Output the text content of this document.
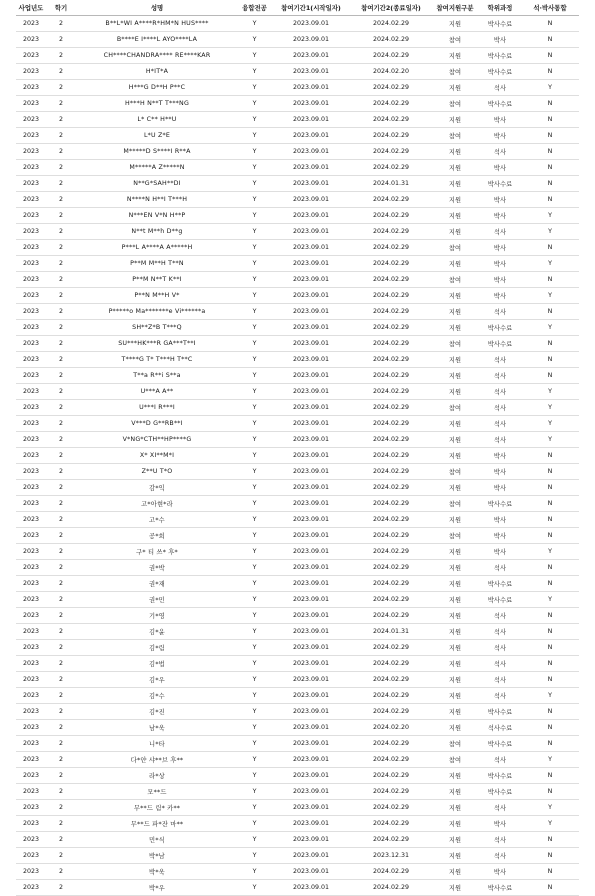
사업년도	학기	성명	융합전공	참여기간1(시작일자)	참여기간2(종료일자)	참여지원구분	학위과정	석·박사통합
2023	2	B**L*WI A****R*HM*N HUS****	Y	2023.09.01	2024.02.29	지원	박사수료	N
2023	2	B****E I****L AYO****LA	Y	2023.09.01	2024.02.29	참여	박사	N
2023	2	CH****CHANDRA**** RE****KAR	Y	2023.09.01	2024.02.29	지원	박사수료	N
2023	2	H*IT*A	Y	2023.09.01	2024.02.20	참여	박사수료	N
2023	2	H***G D**H P**C	Y	2023.09.01	2024.02.29	지원	석사	Y
2023	2	H***H N**T T***NG	Y	2023.09.01	2024.02.29	참여	박사수료	N
2023	2	L* C** H**U	Y	2023.09.01	2024.02.29	지원	박사	N
2023	2	L*U Z*E	Y	2023.09.01	2024.02.29	참여	박사	N
2023	2	M*****D S****I R**A	Y	2023.09.01	2024.02.29	지원	석사	N
2023	2	M*****A Z*****N	Y	2023.09.01	2024.02.29	지원	박사	N
2023	2	N**G*SAH**DI	Y	2023.09.01	2024.01.31	지원	박사수료	N
2023	2	N****N H**I T***H	Y	2023.09.01	2024.02.29	지원	박사	N
2023	2	N***EN V*N H**P	Y	2023.09.01	2024.02.29	지원	박사	Y
2023	2	N**t M**h D**g	Y	2023.09.01	2024.02.29	지원	석사	Y
2023	2	P***L A****A A*****H	Y	2023.09.01	2024.02.29	참여	박사	N
2023	2	P**M M**H T**N	Y	2023.09.01	2024.02.29	지원	박사	Y
2023	2	P**M N**T K**I	Y	2023.09.01	2024.02.29	참여	박사	N
2023	2	P**N M**H V*	Y	2023.09.01	2024.02.29	지원	박사	Y
2023	2	P*****o Ma*******e Vi******a	Y	2023.09.01	2024.02.29	지원	석사	N
2023	2	SH**Z*B T***Q	Y	2023.09.01	2024.02.29	지원	박사수료	Y
2023	2	SU***HK***R GA***T**I	Y	2023.09.01	2024.02.29	참여	박사수료	N
2023	2	T****G T* T***H T**C	Y	2023.09.01	2024.02.29	지원	석사	N
2023	2	T**a R**i S**a	Y	2023.09.01	2024.02.29	지원	석사	N
2023	2	U***A A**	Y	2023.09.01	2024.02.29	지원	석사	Y
2023	2	U***I R***I	Y	2023.09.01	2024.02.29	참여	석사	Y
2023	2	V***D G**RB**I	Y	2023.09.01	2024.02.29	지원	석사	Y
2023	2	V*NG*CTH**HP****G	Y	2023.09.01	2024.02.29	지원	석사	Y
2023	2	X* XI**M*I	Y	2023.09.01	2024.02.29	지원	박사	N
2023	2	Z**U T*O	Y	2023.09.01	2024.02.29	참여	박사	N
2023	2	감*익	Y	2023.09.01	2024.02.29	지원	박사	N
2023	2	고*아현*라	Y	2023.09.01	2024.02.29	참여	박사수료	N
2023	2	고*수	Y	2023.09.01	2024.02.29	지원	박사	N
2023	2	공*희	Y	2023.09.01	2024.02.29	참여	박사	N
2023	2	구* 티 쓰* 후*	Y	2023.09.01	2024.02.29	지원	박사	Y
2023	2	권*박	Y	2023.09.01	2024.02.29	지원	석사	N
2023	2	권*재	Y	2023.09.01	2024.02.29	지원	박사수료	N
2023	2	권*민	Y	2023.09.01	2024.02.29	지원	박사수료	Y
2023	2	기*영	Y	2023.09.01	2024.02.29	지원	석사	N
2023	2	김*윤	Y	2023.09.01	2024.01.31	지원	석사	N
2023	2	김*림	Y	2023.09.01	2024.02.29	지원	석사	N
2023	2	김*법	Y	2023.09.01	2024.02.29	지원	석사	N
2023	2	김*우	Y	2023.09.01	2024.02.29	지원	석사	N
2023	2	김*수	Y	2023.09.01	2024.02.29	지원	석사	Y
2023	2	김*진	Y	2023.09.01	2024.02.29	지원	박사수료	N
2023	2	남*욱	Y	2023.09.01	2024.02.20	지원	석사수료	N
2023	2	니*타	Y	2023.09.01	2024.02.29	참여	박사수료	N
2023	2	다*얀 샤**브 후**	Y	2023.09.01	2024.02.29	참여	석사	Y
2023	2	라*상	Y	2023.09.01	2024.02.29	지원	박사수료	N
2023	2	모**드	Y	2023.09.01	2024.02.29	지원	박사수료	N
2023	2	무**드 림* 카**	Y	2023.09.01	2024.02.29	지원	석사	Y
2023	2	무**드 파*잔 마**	Y	2023.09.01	2024.02.29	지원	박사	Y
2023	2	민*식	Y	2023.09.01	2024.02.29	지원	석사	N
2023	2	박*남	Y	2023.09.01	2023.12.31	지원	석사	N
2023	2	박*욱	Y	2023.09.01	2024.02.29	지원	박사	N
2023	2	박*우	Y	2023.09.01	2024.02.29	지원	박사수료	N
